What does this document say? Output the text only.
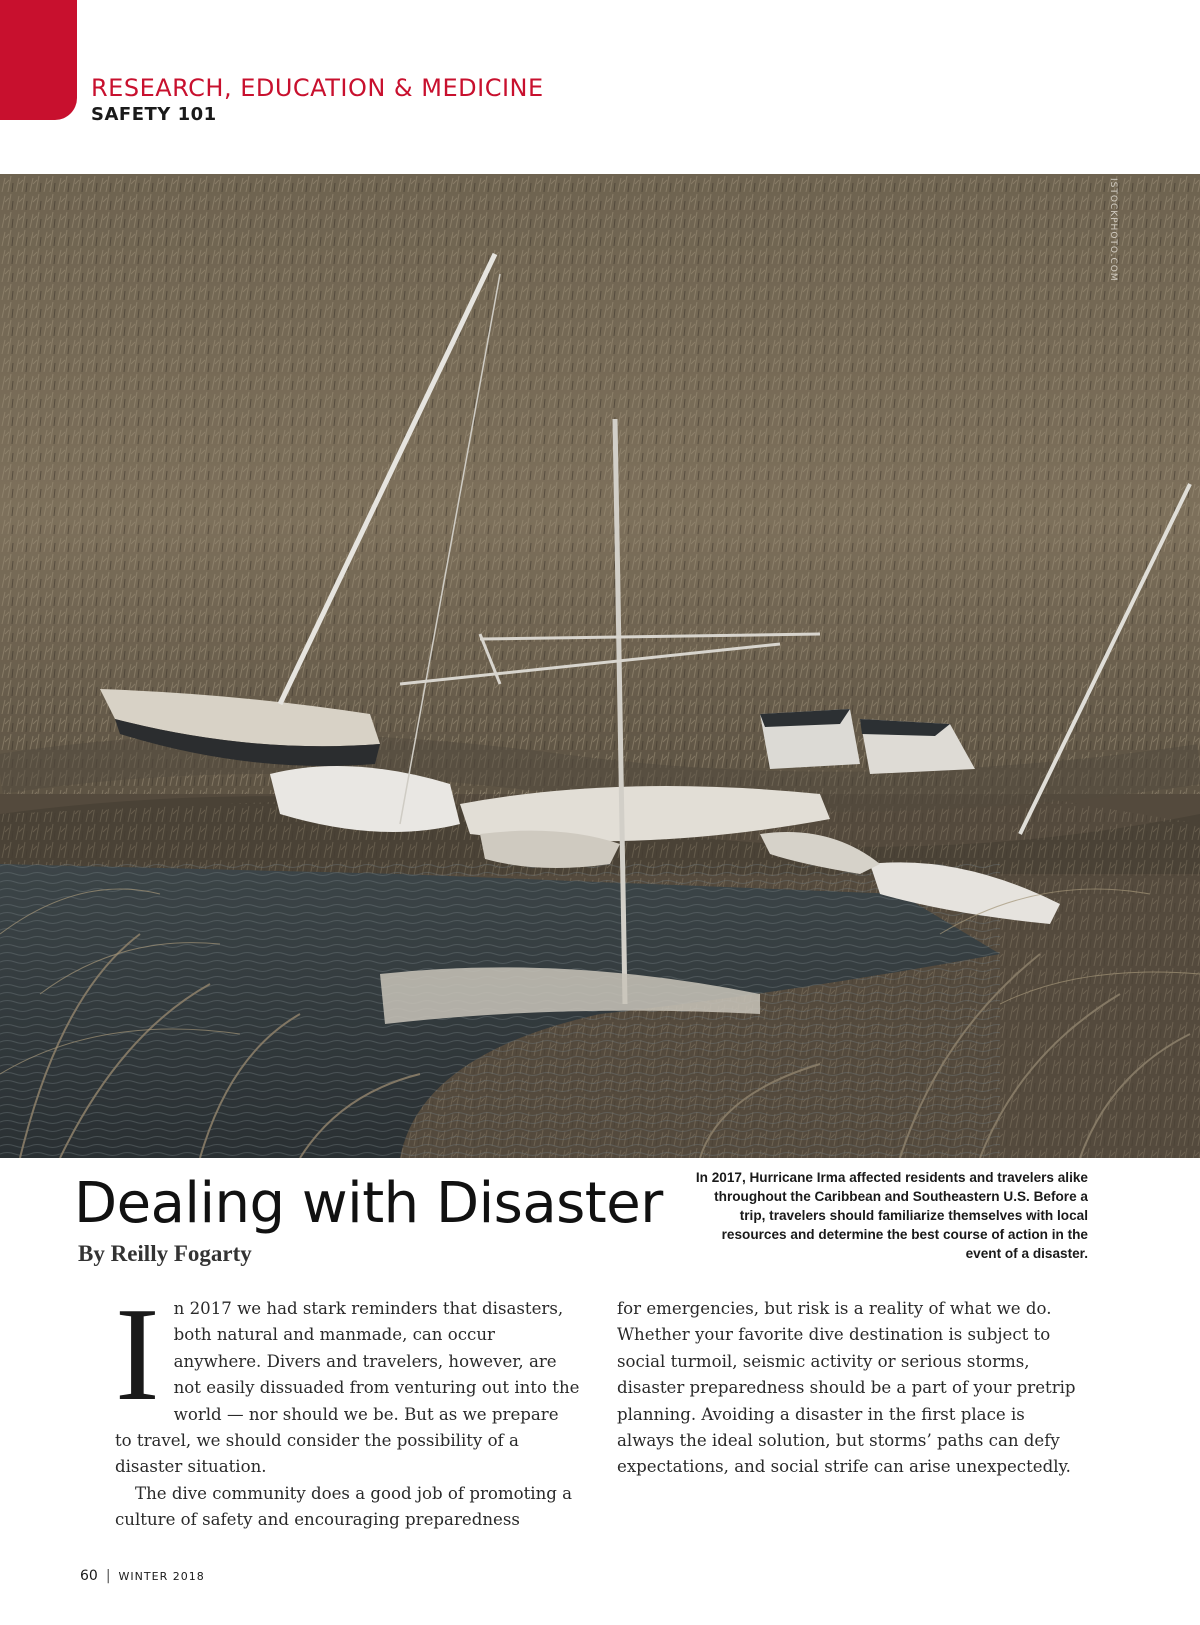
RESEARCH, EDUCATION & MEDICINE
SAFETY 101
ISTOCKPHOTO.COM
Dealing with Disaster
By Reilly Fogarty
In 2017, Hurricane Irma affected residents and travelers alike throughout the Caribbean and Southeastern U.S. Before a trip, travelers should familiarize themselves with local resources and determine the best course of action in the event of a disaster.

In 2017 we had stark reminders that disasters, both natural and manmade, can occur anywhere. Divers and travelers, however, are not easily dissuaded from venturing out into the world — nor should we be. But as we prepare to travel, we should consider the possibility of a disaster situation.

The dive community does a good job of promoting a culture of safety and encouraging preparedness

for emergencies, but risk is a reality of what we do. Whether your favorite dive destination is subject to social turmoil, seismic activity or serious storms, disaster preparedness should be a part of your pretrip planning. Avoiding a disaster in the first place is always the ideal solution, but storms’ paths can defy expectations, and social strife can arise unexpectedly.

60 | WINTER 2018
